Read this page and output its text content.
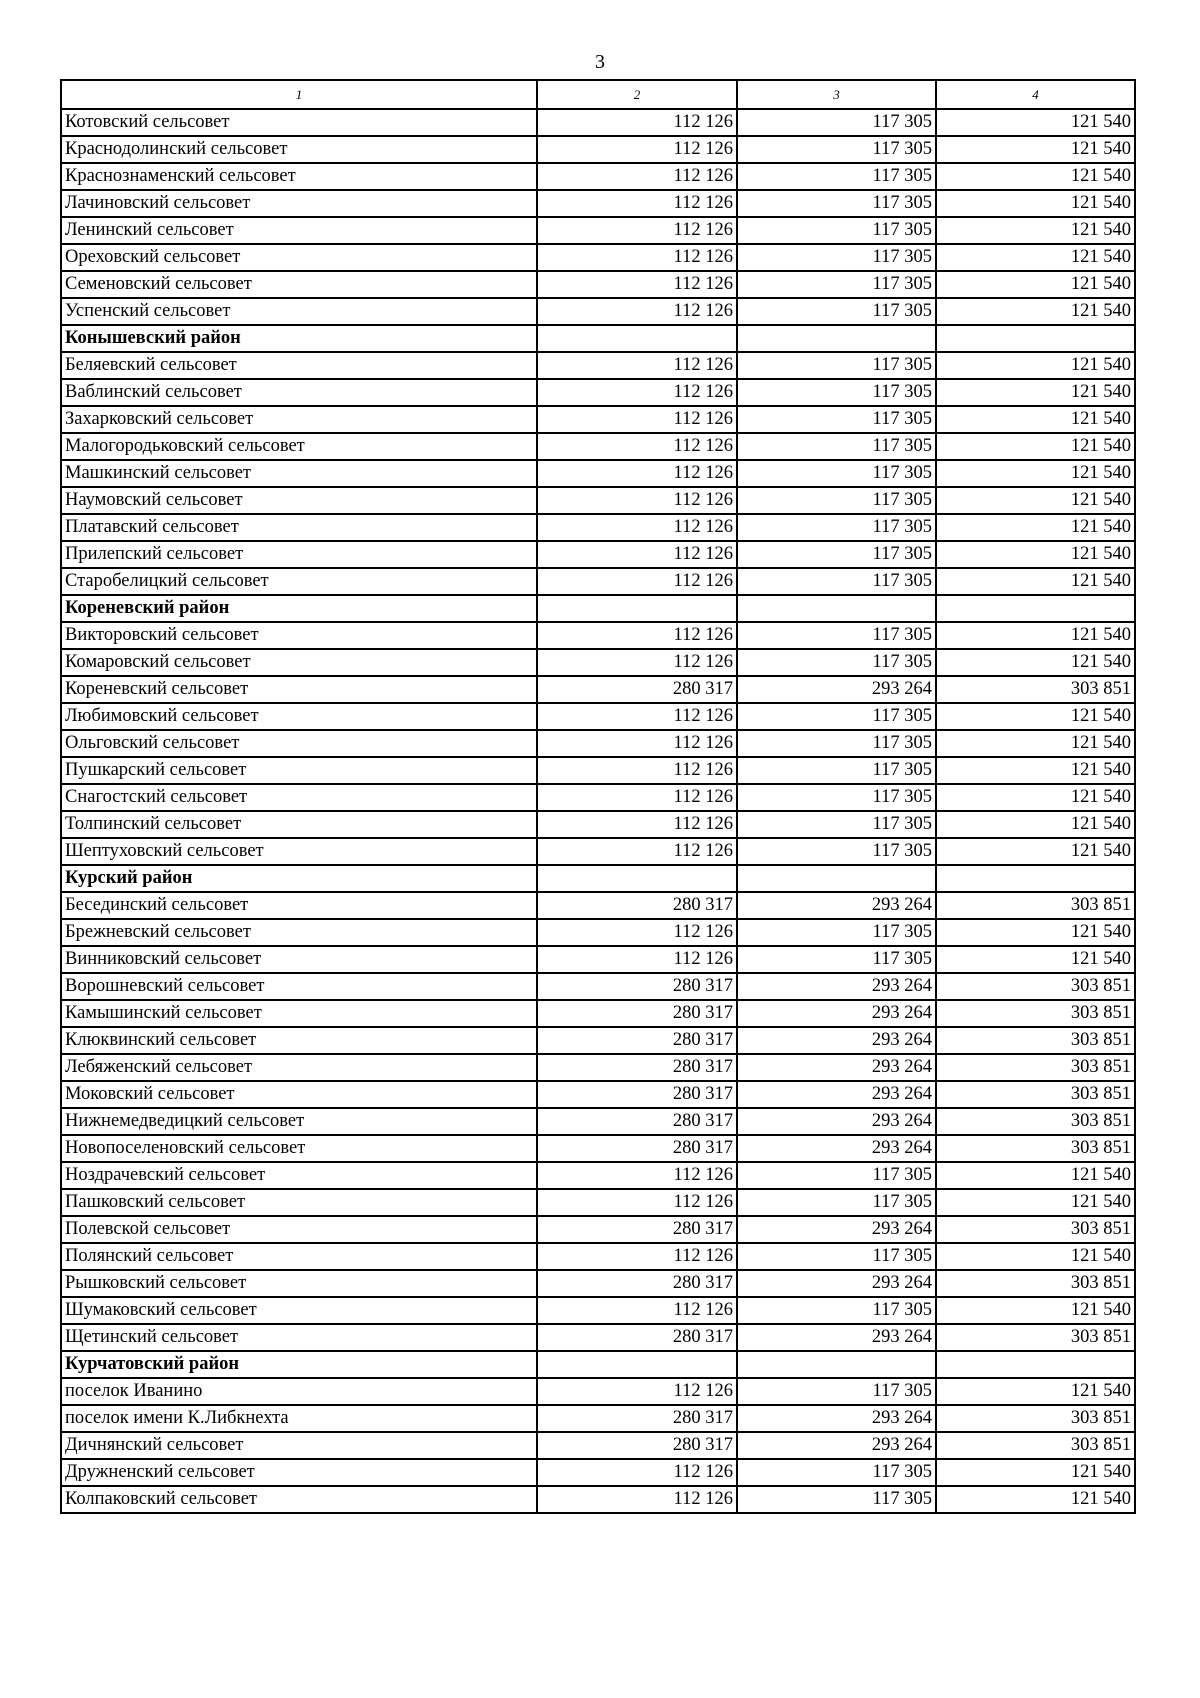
3
1	2	3	4
Котовский сельсовет	112 126	117 305	121 540
Краснодолинский сельсовет	112 126	117 305	121 540
Краснознаменский сельсовет	112 126	117 305	121 540
Лачиновский сельсовет	112 126	117 305	121 540
Ленинский сельсовет	112 126	117 305	121 540
Ореховский сельсовет	112 126	117 305	121 540
Семеновский сельсовет	112 126	117 305	121 540
Успенский сельсовет	112 126	117 305	121 540
Конышевский район			
Беляевский сельсовет	112 126	117 305	121 540
Ваблинский сельсовет	112 126	117 305	121 540
Захарковский сельсовет	112 126	117 305	121 540
Малогородьковский сельсовет	112 126	117 305	121 540
Машкинский сельсовет	112 126	117 305	121 540
Наумовский сельсовет	112 126	117 305	121 540
Платавский сельсовет	112 126	117 305	121 540
Прилепский сельсовет	112 126	117 305	121 540
Старобелицкий сельсовет	112 126	117 305	121 540
Кореневский район			
Викторовский сельсовет	112 126	117 305	121 540
Комаровский сельсовет	112 126	117 305	121 540
Кореневский сельсовет	280 317	293 264	303 851
Любимовский сельсовет	112 126	117 305	121 540
Ольговский сельсовет	112 126	117 305	121 540
Пушкарский сельсовет	112 126	117 305	121 540
Снагостский сельсовет	112 126	117 305	121 540
Толпинский сельсовет	112 126	117 305	121 540
Шептуховский сельсовет	112 126	117 305	121 540
Курский район			
Бесединский сельсовет	280 317	293 264	303 851
Брежневский сельсовет	112 126	117 305	121 540
Винниковский сельсовет	112 126	117 305	121 540
Ворошневский сельсовет	280 317	293 264	303 851
Камышинский сельсовет	280 317	293 264	303 851
Клюквинский сельсовет	280 317	293 264	303 851
Лебяженский сельсовет	280 317	293 264	303 851
Моковский сельсовет	280 317	293 264	303 851
Нижнемедведицкий сельсовет	280 317	293 264	303 851
Новопоселеновский сельсовет	280 317	293 264	303 851
Ноздрачевский сельсовет	112 126	117 305	121 540
Пашковский сельсовет	112 126	117 305	121 540
Полевской сельсовет	280 317	293 264	303 851
Полянский сельсовет	112 126	117 305	121 540
Рышковский сельсовет	280 317	293 264	303 851
Шумаковский сельсовет	112 126	117 305	121 540
Щетинский сельсовет	280 317	293 264	303 851
Курчатовский район			
поселок Иванино	112 126	117 305	121 540
поселок имени К.Либкнехта	280 317	293 264	303 851
Дичнянский сельсовет	280 317	293 264	303 851
Дружненский сельсовет	112 126	117 305	121 540
Колпаковский сельсовет	112 126	117 305	121 540
